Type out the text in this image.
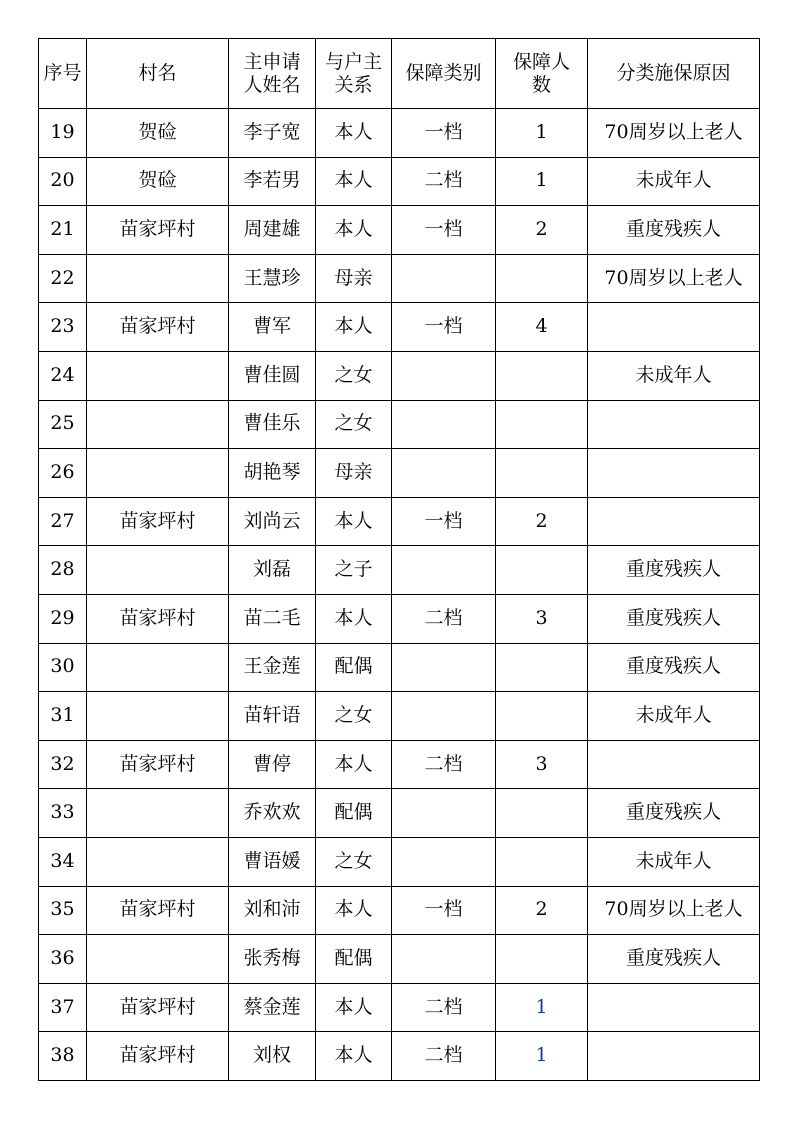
序号	村名	主申请人姓名	与户主关系	保障类别	保障人数	分类施保原因
19	贺硷	李子宽	本人	一档	1	70周岁以上老人
20	贺硷	李若男	本人	二档	1	未成年人
21	苗家坪村	周建雄	本人	一档	2	重度残疾人
22		王慧珍	母亲			70周岁以上老人
23	苗家坪村	曹军	本人	一档	4	
24		曹佳圆	之女			未成年人
25		曹佳乐	之女			
26		胡艳琴	母亲			
27	苗家坪村	刘尚云	本人	一档	2	
28		刘磊	之子			重度残疾人
29	苗家坪村	苗二毛	本人	二档	3	重度残疾人
30		王金莲	配偶			重度残疾人
31		苗轩语	之女			未成年人
32	苗家坪村	曹停	本人	二档	3	
33		乔欢欢	配偶			重度残疾人
34		曹语媛	之女			未成年人
35	苗家坪村	刘和沛	本人	一档	2	70周岁以上老人
36		张秀梅	配偶			重度残疾人
37	苗家坪村	蔡金莲	本人	二档	1	
38	苗家坪村	刘权	本人	二档	1	
